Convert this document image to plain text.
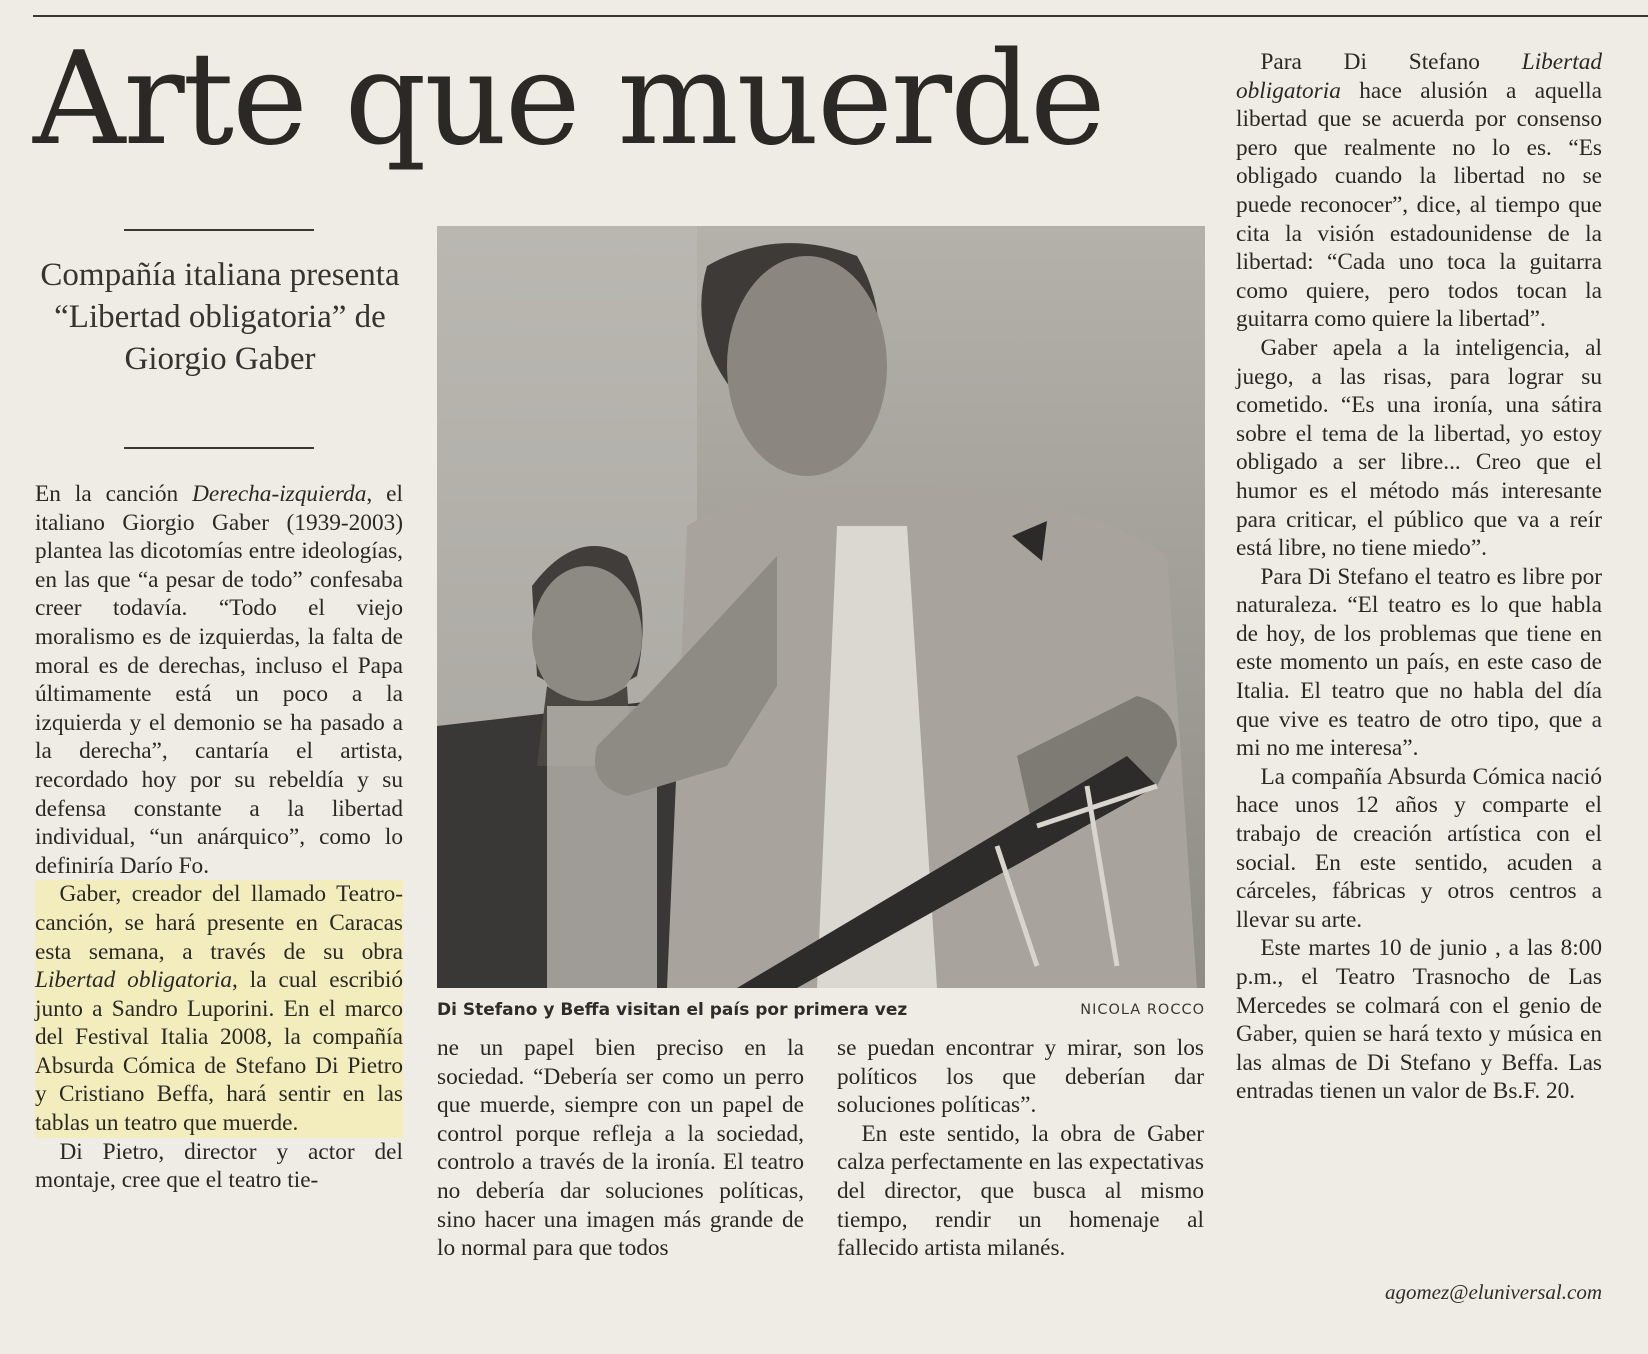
Arte que muerde
Compañía italiana presenta “Libertad obligatoria” de Giorgio Gaber

En la canción Derecha-izquierda, el italiano Giorgio Gaber (1939-2003) plantea las dicotomías entre ideologías, en las que “a pesar de todo” confesaba creer todavía. “Todo el viejo moralismo es de izquierdas, la falta de moral es de derechas, incluso el Papa últimamente está un poco a la izquierda y el demonio se ha pasado a la derecha”, cantaría el artista, recordado hoy por su rebeldía y su defensa constante a la libertad individual, “un anárquico”, como lo definiría Darío Fo.

Gaber, creador del llamado Teatro-canción, se hará presente en Caracas esta semana, a través de su obra Libertad obligatoria, la cual escribió junto a Sandro Luporini. En el marco del Festival Italia 2008, la compañía Absurda Cómica de Stefano Di Pietro y Cristiano Beffa, hará sentir en las tablas un teatro que muerde.

Di Pietro, director y actor del montaje, cree que el teatro tie-

Di Stefano y Beffa visitan el país por primera vez	NICOLA ROCCO

ne un papel bien preciso en la sociedad. “Debería ser como un perro que muerde, siempre con un papel de control porque refleja a la sociedad, controlo a través de la ironía. El teatro no debería dar soluciones políticas, sino hacer una imagen más grande de lo normal para que todos

se puedan encontrar y mirar, son los políticos los que deberían dar soluciones políticas”.

En este sentido, la obra de Gaber calza perfectamente en las expectativas del director, que busca al mismo tiempo, rendir un homenaje al fallecido artista milanés.

Para Di Stefano Libertad obligatoria hace alusión a aquella libertad que se acuerda por consenso pero que realmente no lo es. “Es obligado cuando la libertad no se puede reconocer”, dice, al tiempo que cita la visión estadounidense de la libertad: “Cada uno toca la guitarra como quiere, pero todos tocan la guitarra como quiere la libertad”.

Gaber apela a la inteligencia, al juego, a las risas, para lograr su cometido. “Es una ironía, una sátira sobre el tema de la libertad, yo estoy obligado a ser libre... Creo que el humor es el método más interesante para criticar, el público que va a reír está libre, no tiene miedo”.

Para Di Stefano el teatro es libre por naturaleza. “El teatro es lo que habla de hoy, de los problemas que tiene en este momento un país, en este caso de Italia. El teatro que no habla del día que vive es teatro de otro tipo, que a mi no me interesa”.

La compañía Absurda Cómica nació hace unos 12 años y comparte el trabajo de creación artística con el social. En este sentido, acuden a cárceles, fábricas y otros centros a llevar su arte.

Este martes 10 de junio , a las 8:00 p.m., el Teatro Trasnocho de Las Mercedes se colmará con el genio de Gaber, quien se hará texto y música en las almas de Di Stefano y Beffa. Las entradas tienen un valor de Bs.F. 20.

agomez@eluniversal.com
